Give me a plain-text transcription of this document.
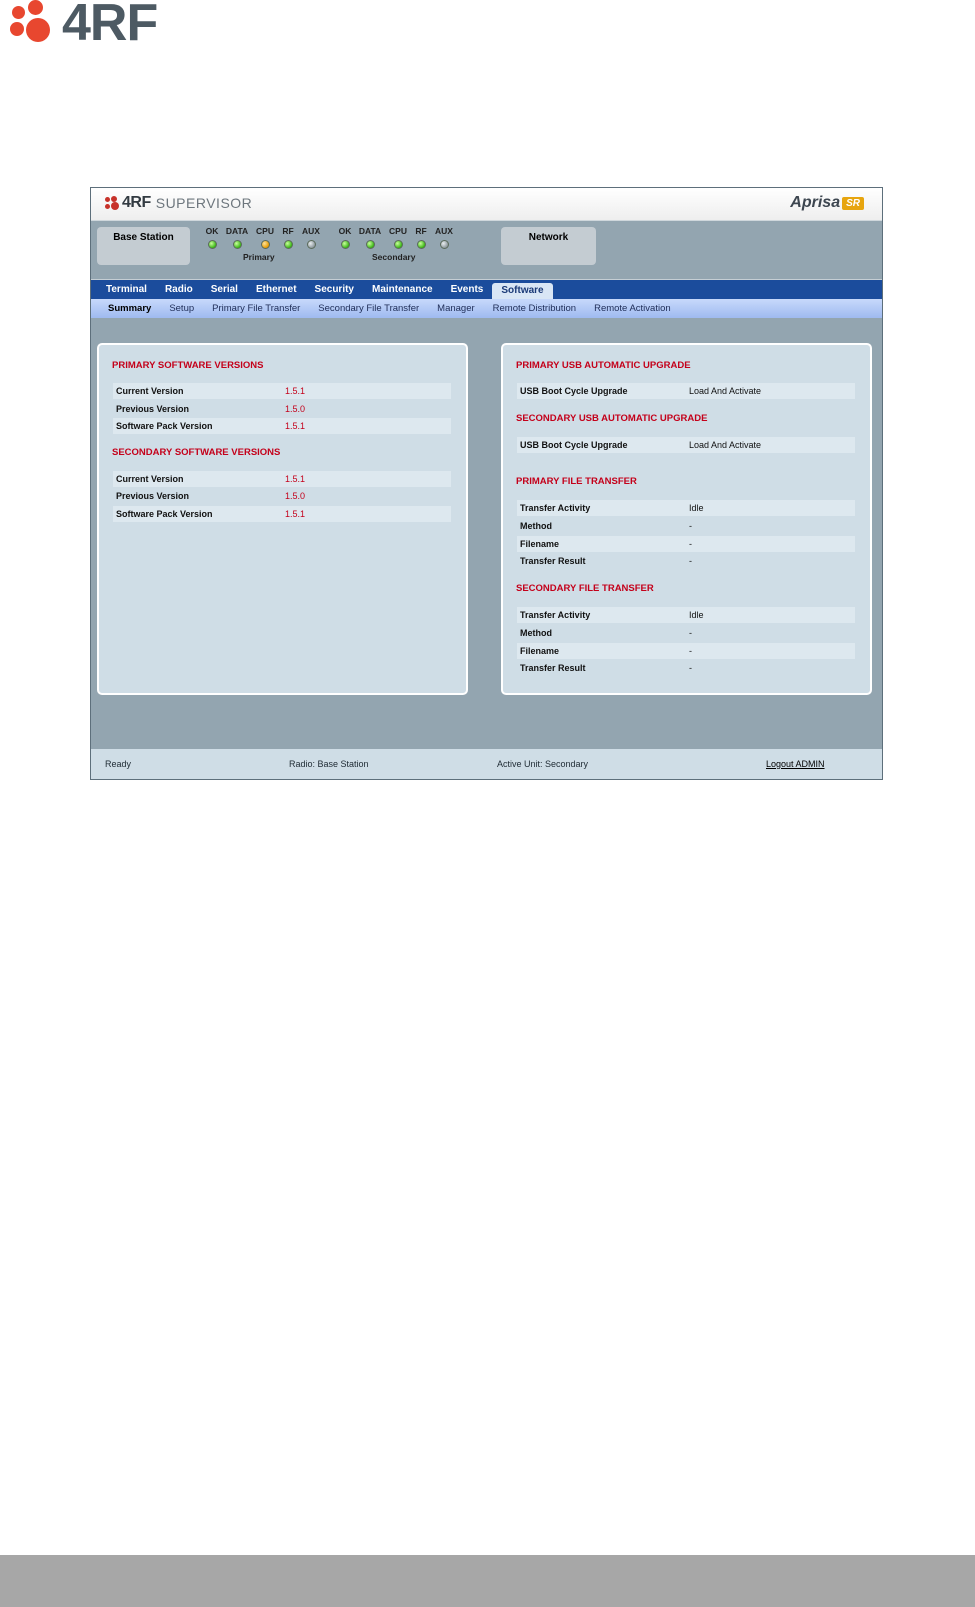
4RF
4RF SUPERVISOR	Aprisa SR
Base Station
OK DATA CPU RF AUX
Primary
OK DATA CPU RF AUX
Secondary
Network
Terminal	Radio	Serial	Ethernet	Security	Maintenance	Events	Software
Summary	Setup	Primary File Transfer	Secondary File Transfer	Manager	Remote Distribution	Remote Activation
PRIMARY SOFTWARE VERSIONS
Current Version	1.5.1
Previous Version	1.5.0
Software Pack Version	1.5.1
SECONDARY SOFTWARE VERSIONS
Current Version	1.5.1
Previous Version	1.5.0
Software Pack Version	1.5.1
PRIMARY USB AUTOMATIC UPGRADE
USB Boot Cycle Upgrade	Load And Activate
SECONDARY USB AUTOMATIC UPGRADE
USB Boot Cycle Upgrade	Load And Activate
PRIMARY FILE TRANSFER
Transfer Activity	Idle
Method	-
Filename	-
Transfer Result	-
SECONDARY FILE TRANSFER
Transfer Activity	Idle
Method	-
Filename	-
Transfer Result	-
Ready	Radio: Base Station	Active Unit: Secondary	Logout ADMIN
